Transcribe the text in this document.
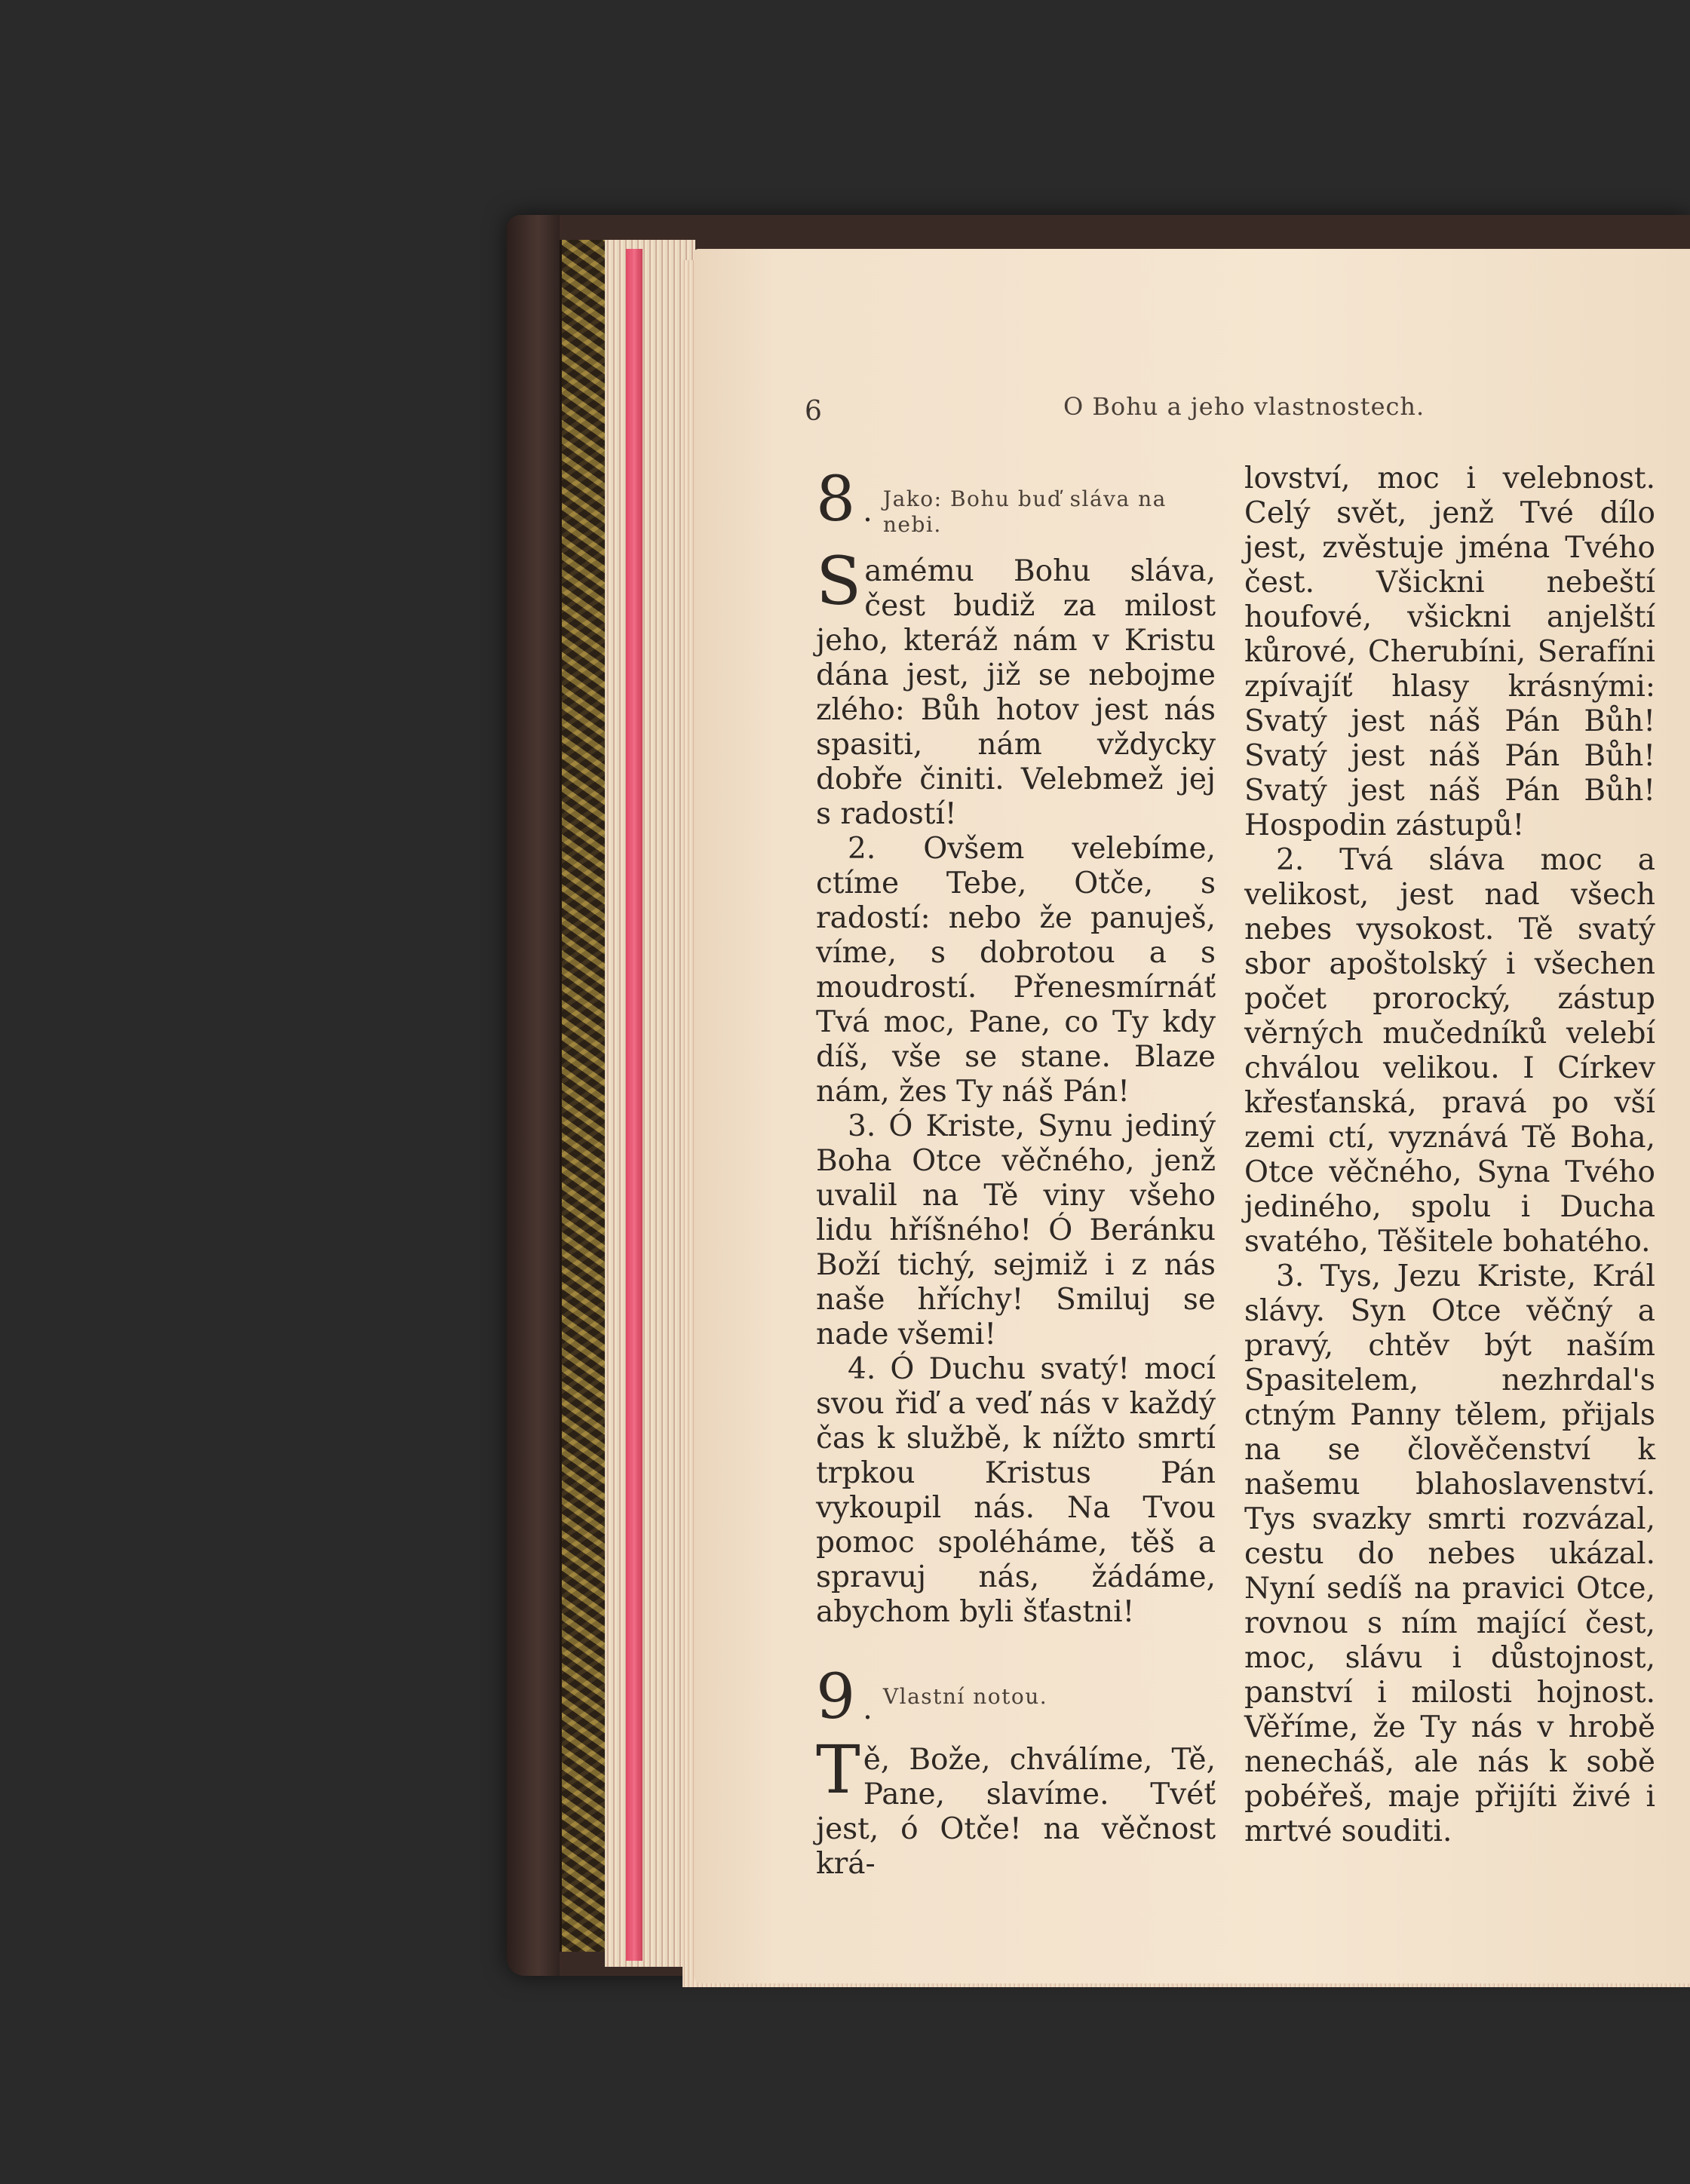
6	O Bohu a jeho vlastnostech.
8 . Jako: Bohu buď sláva na nebi.

Samému Bohu sláva, čest budiž za milost jeho, kteráž nám v Kristu dána jest, již se nebojme zlého: Bůh hotov jest nás spasiti, nám vždycky dobře činiti. Velebmež jej s radostí!

2. Ovšem velebíme, ctíme Tebe, Otče, s radostí: nebo že panuješ, víme, s dobrotou a s moudrostí. Přenesmírnáť Tvá moc, Pane, co Ty kdy díš, vše se stane. Blaze nám, žes Ty náš Pán!

3. Ó Kriste, Synu jediný Boha Otce věčného, jenž uvalil na Tě viny všeho lidu hříšného! Ó Beránku Boží tichý, sejmiž i z nás naše hříchy! Smiluj se nade všemi!

4. Ó Duchu svatý! mocí svou řiď a veď nás v každý čas k službě, k nížto smrtí trpkou Kristus Pán vykoupil nás. Na Tvou pomoc spoléháme, těš a spravuj nás, žádáme, abychom byli šťastni!

9 . Vlastní notou.

Tě, Bože, chválíme, Tě, Pane, slavíme. Tvéť jest, ó Otče! na věčnost krá-

lovství, moc i velebnost. Celý svět, jenž Tvé dílo jest, zvěstuje jména Tvého čest. Všickni nebeští houfové, všickni anjelští kůrové, Cherubíni, Serafíni zpívajíť hlasy krásnými: Svatý jest náš Pán Bůh! Svatý jest náš Pán Bůh! Svatý jest náš Pán Bůh! Hospodin zástupů!

2. Tvá sláva moc a velikost, jest nad všech nebes vysokost. Tě svatý sbor apoštolský i všechen počet prorocký, zástup věrných mučedníků velebí chválou velikou. I Církev křesťanská, pravá po vší zemi ctí, vyznává Tě Boha, Otce věčného, Syna Tvého jediného, spolu i Ducha svatého, Těšitele bohatého.

3. Tys, Jezu Kriste, Král slávy. Syn Otce věčný a pravý, chtěv být naším Spasitelem, nezhrdal's ctným Panny tělem, přijals na se člověčenství k našemu blahoslavenství. Tys svazky smrti rozvázal, cestu do nebes ukázal. Nyní sedíš na pravici Otce, rovnou s ním mající čest, moc, slávu i důstojnost, panství i milosti hojnost. Věříme, že Ty nás v hrobě nenecháš, ale nás k sobě pobéřeš, maje přijíti živé i mrtvé souditi.
